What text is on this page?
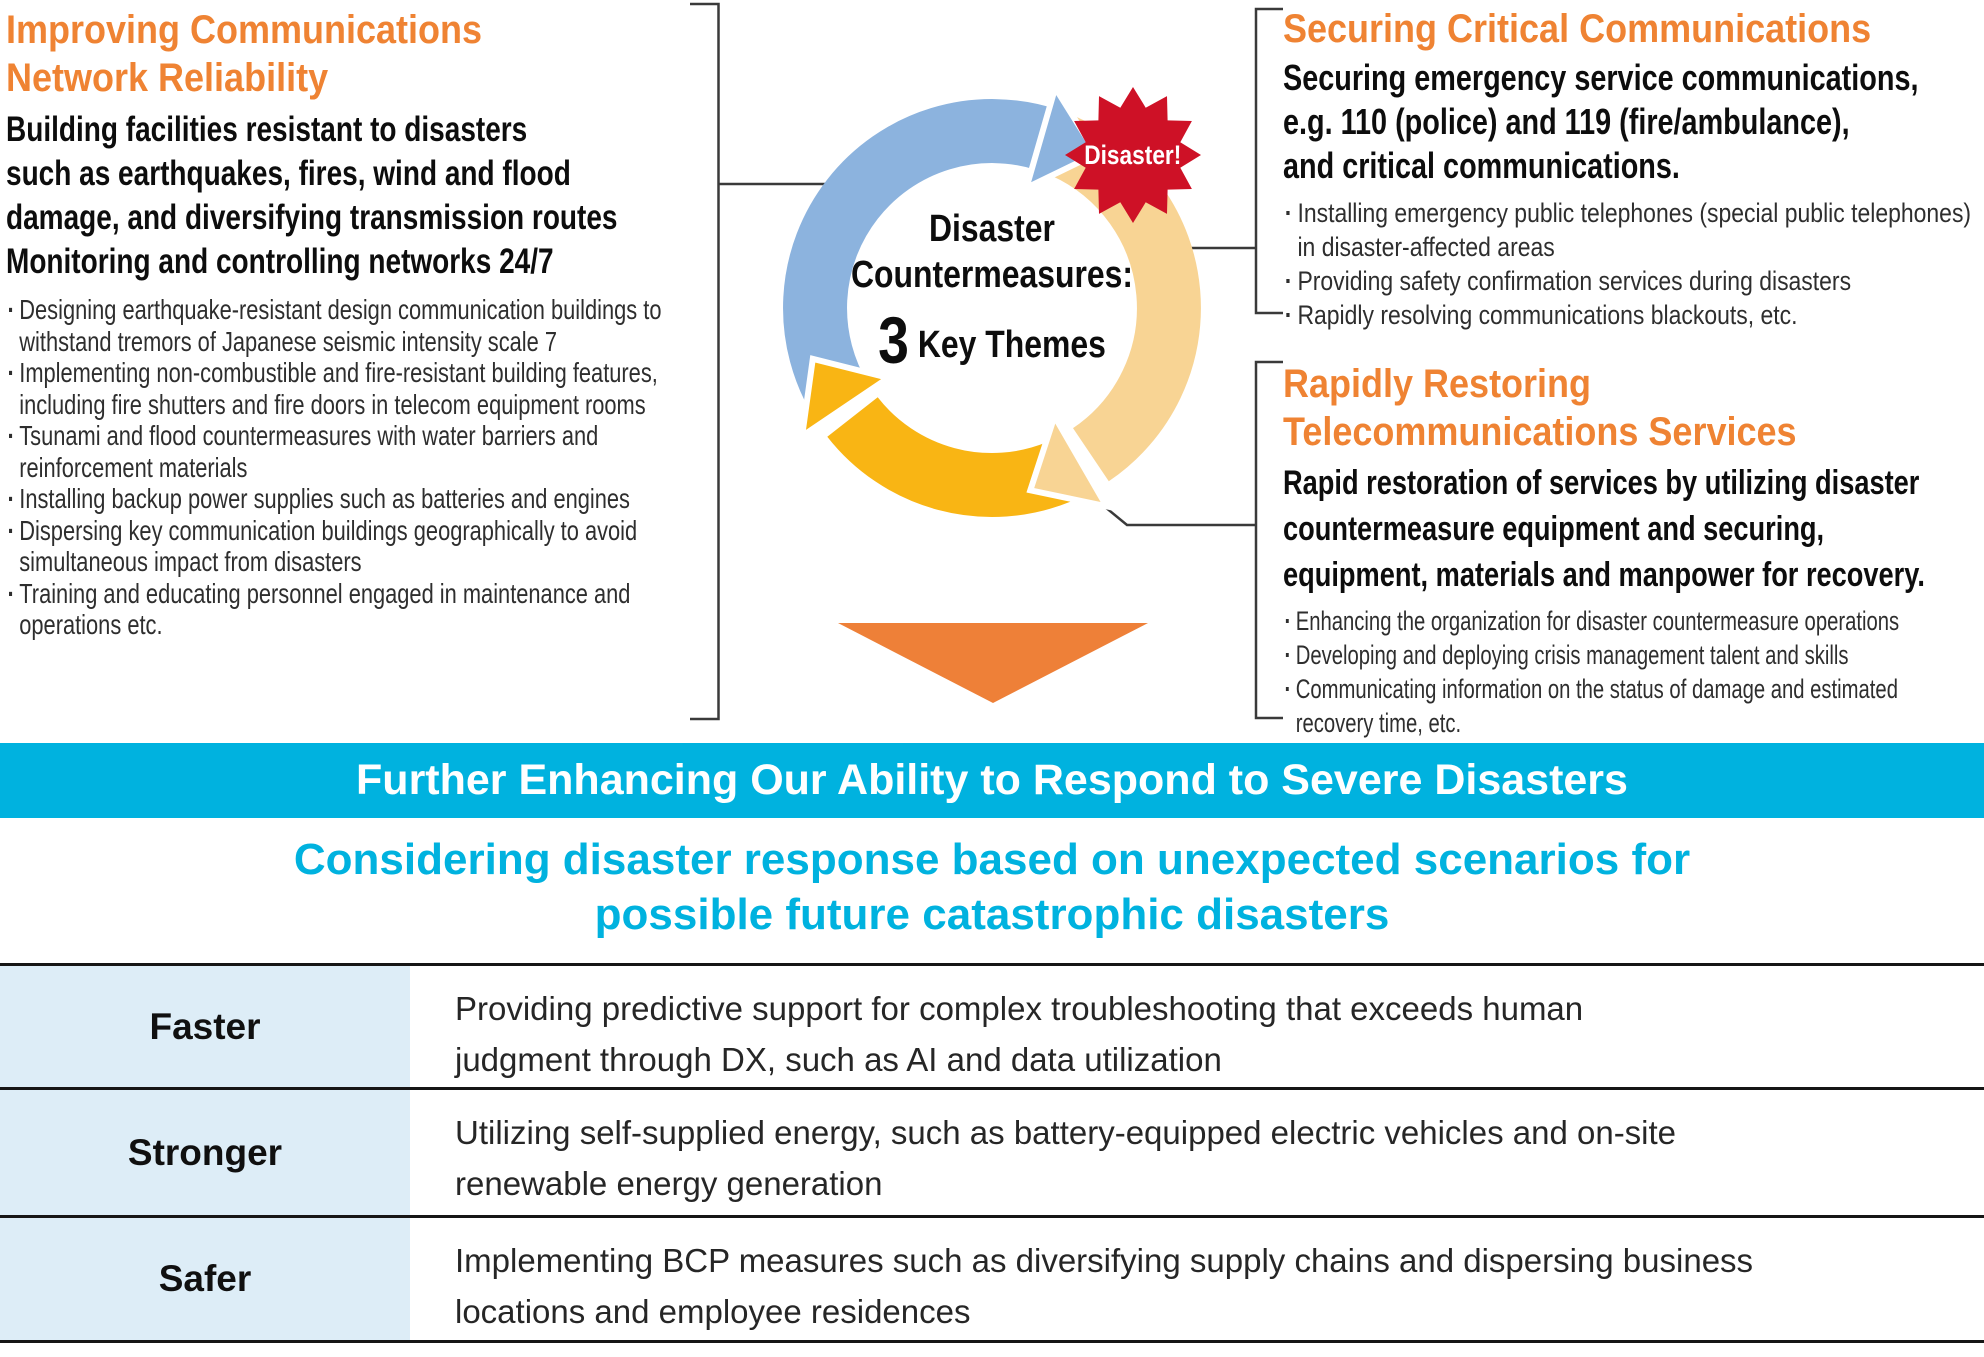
Disaster!
Disaster
Countermeasures:
3 Key Themes
Improving Communications
Network Reliability
Building facilities resistant to disasters
such as earthquakes, fires, wind and flood
damage, and diversifying transmission routes
Monitoring and controlling networks 24/7
· Designing earthquake-resistant design communication buildings to withstand tremors of Japanese seismic intensity scale 7
· Implementing non-combustible and fire-resistant building features, including fire shutters and fire doors in telecom equipment rooms
· Tsunami and flood countermeasures with water barriers and reinforcement materials
· Installing backup power supplies such as batteries and engines
· Dispersing key communication buildings geographically to avoid simultaneous impact from disasters
· Training and educating personnel engaged in maintenance and operations etc.
Securing Critical Communications
Securing emergency service communications,
e.g. 110 (police) and 119 (fire/ambulance),
and critical communications.
· Installing emergency public telephones (special public telephones) in disaster-affected areas
· Providing safety confirmation services during disasters
· Rapidly resolving communications blackouts, etc.
Rapidly Restoring
Telecommunications Services
Rapid restoration of services by utilizing disaster
countermeasure equipment and securing,
equipment, materials and manpower for recovery.
· Enhancing the organization for disaster countermeasure operations
· Developing and deploying crisis management talent and skills
· Communicating information on the status of damage and estimated recovery time, etc.
Further Enhancing Our Ability to Respond to Severe Disasters
Considering disaster response based on unexpected scenarios for
possible future catastrophic disasters
Faster	Providing predictive support for complex troubleshooting that exceeds human
judgment through DX, such as AI and data utilization
Stronger	Utilizing self-supplied energy, such as battery-equipped electric vehicles and on-site
renewable energy generation
Safer	Implementing BCP measures such as diversifying supply chains and dispersing business
locations and employee residences
